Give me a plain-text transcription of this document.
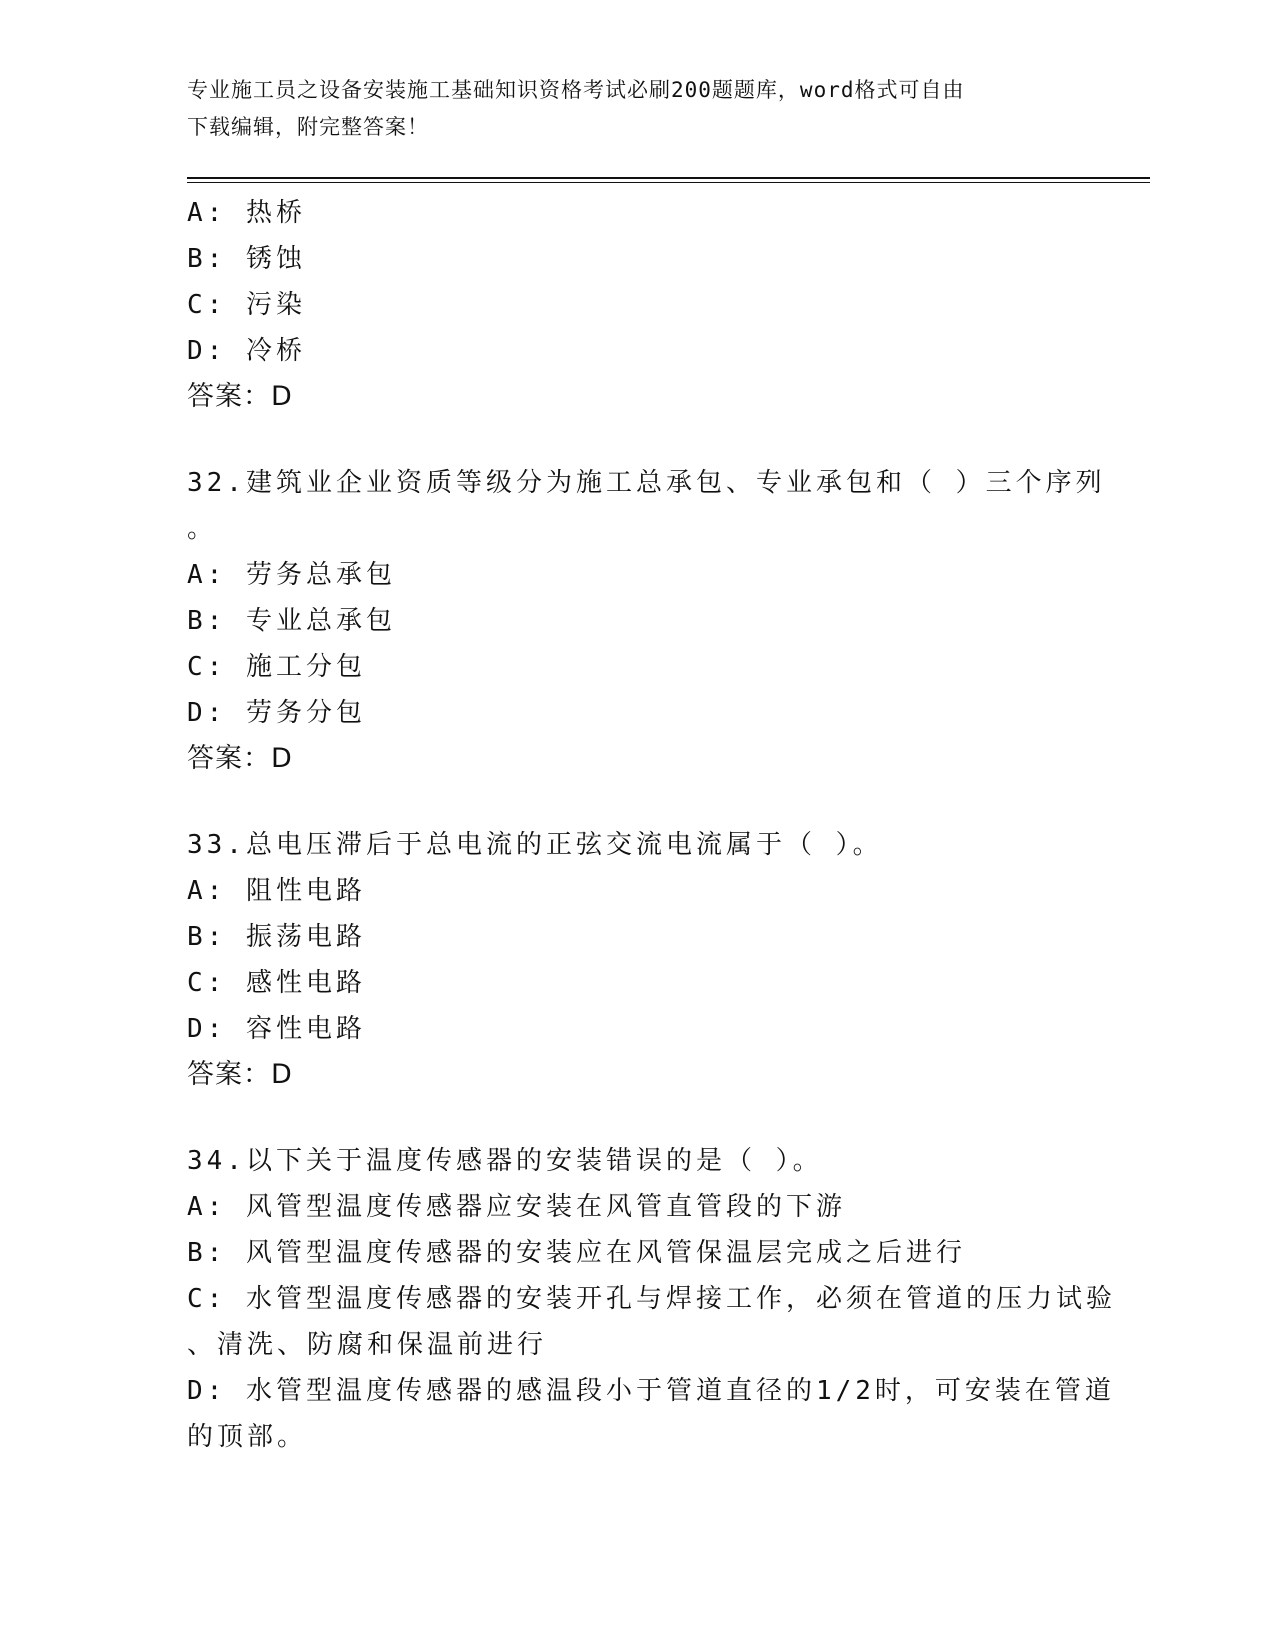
专业施工员之设备安装施工基础知识资格考试必刷200题题库，word格式可自由
下载编辑，附完整答案！
A: 热桥
B: 锈蚀
C: 污染
D: 冷桥
答案：D
32.建筑业企业资质等级分为施工总承包、专业承包和（ ）三个序列
。
A: 劳务总承包
B: 专业总承包
C: 施工分包
D: 劳务分包
答案：D
33.总电压滞后于总电流的正弦交流电流属于（ ）。
A: 阻性电路
B: 振荡电路
C: 感性电路
D: 容性电路
答案：D
34.以下关于温度传感器的安装错误的是（ ）。
A: 风管型温度传感器应安装在风管直管段的下游
B: 风管型温度传感器的安装应在风管保温层完成之后进行
C: 水管型温度传感器的安装开孔与焊接工作，必须在管道的压力试验
、清洗、防腐和保温前进行
D: 水管型温度传感器的感温段小于管道直径的1/2时，可安装在管道
的顶部。
